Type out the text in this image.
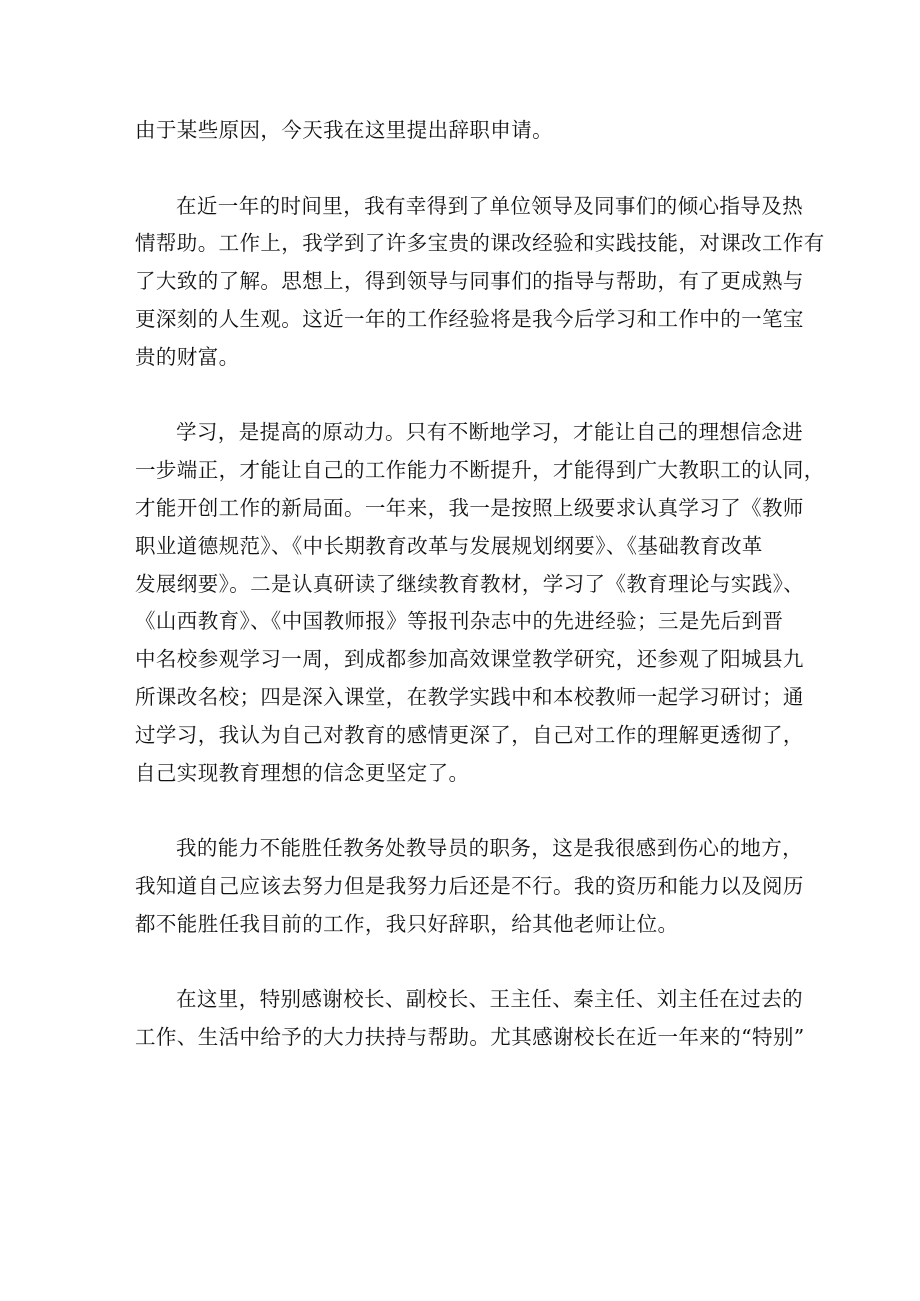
由于某些原因，今天我在这里提出辞职申请。

在近一年的时间里，我有幸得到了单位领导及同事们的倾心指导及热
情帮助。工作上，我学到了许多宝贵的课改经验和实践技能，对课改工作有
了大致的了解。思想上，得到领导与同事们的指导与帮助，有了更成熟与
更深刻的人生观。这近一年的工作经验将是我今后学习和工作中的一笔宝
贵的财富。

学习，是提高的原动力。只有不断地学习，才能让自己的理想信念进
一步端正，才能让自己的工作能力不断提升，才能得到广大教职工的认同，
才能开创工作的新局面。一年来，我一是按照上级要求认真学习了《教师
职业道德规范》、《中长期教育改革与发展规划纲要》、《基础教育改革
发展纲要》。二是认真研读了继续教育教材，学习了《教育理论与实践》、
《山西教育》、《中国教师报》等报刊杂志中的先进经验；三是先后到晋
中名校参观学习一周，到成都参加高效课堂教学研究，还参观了阳城县九
所课改名校；四是深入课堂，在教学实践中和本校教师一起学习研讨；通
过学习，我认为自己对教育的感情更深了，自己对工作的理解更透彻了，
自己实现教育理想的信念更坚定了。

我的能力不能胜任教务处教导员的职务，这是我很感到伤心的地方，
我知道自己应该去努力但是我努力后还是不行。我的资历和能力以及阅历
都不能胜任我目前的工作，我只好辞职，给其他老师让位。

在这里，特别感谢校长、副校长、王主任、秦主任、刘主任在过去的
工作、生活中给予的大力扶持与帮助。尤其感谢校长在近一年来的“特别”
